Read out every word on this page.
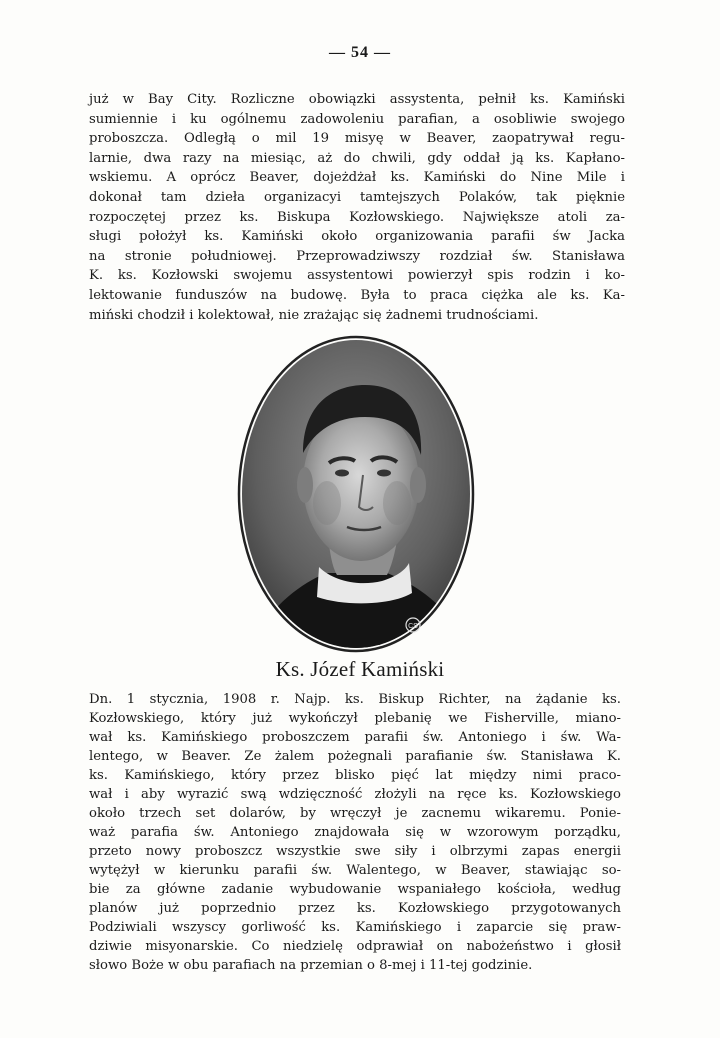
— 54 —
już w Bay City. Rozliczne obowiązki assystenta, pełnił ks. Kamiński
sumiennie i ku ogólnemu zadowoleniu parafian, a osobliwie swojego
proboszcza. Odległą o mil 19 misyę w Beaver, zaopatrywał regu-
larnie, dwa razy na miesiąc, aż do chwili, gdy oddał ją ks. Kapłano-
wskiemu. A oprócz Beaver, dojeżdżał ks. Kamiński do Nine Mile i
dokonał tam dzieła organizacyi tamtejszych Polaków, tak pięknie
rozpoczętej przez ks. Biskupa Kozłowskiego. Największe atoli za-
sługi położył ks. Kamiński około organizowania parafii św Jacka
na stronie południowej. Przeprowadziwszy rozdział św. Stanisława
K. ks. Kozłowski swojemu assystentowi powierzył spis rodzin i ko-
lektowanie funduszów na budowę. Była to praca ciężka ale ks. Ka-
miński chodził i kolektował, nie zrażając się żadnemi trudnościami.
CS
Ks. Józef Kamiński
Dn. 1 stycznia, 1908 r. Najp. ks. Biskup Richter, na żądanie ks.
Kozłowskiego, który już wykończył plebanię we Fisherville, miano-
wał ks. Kamińskiego proboszczem parafii św. Antoniego i św. Wa-
lentego, w Beaver. Ze żalem pożegnali parafianie św. Stanisława K.
ks. Kamińskiego, który przez blisko pięć lat między nimi praco-
wał i aby wyrazić swą wdzięczność złożyli na ręce ks. Kozłowskiego
około trzech set dolarów, by wręczył je zacnemu wikaremu. Ponie-
waż parafia św. Antoniego znajdowała się w wzorowym porządku,
przeto nowy proboszcz wszystkie swe siły i olbrzymi zapas energii
wytężył w kierunku parafii św. Walentego, w Beaver, stawiając so-
bie za główne zadanie wybudowanie wspaniałego kościoła, według
planów już poprzednio przez ks. Kozłowskiego przygotowanych
Podziwiali wszyscy gorliwość ks. Kamińskiego i zaparcie się praw-
dziwie misyonarskie. Co niedzielę odprawiał on nabożeństwo i głosił
słowo Boże w obu parafiach na przemian o 8-mej i 11-tej godzinie.
